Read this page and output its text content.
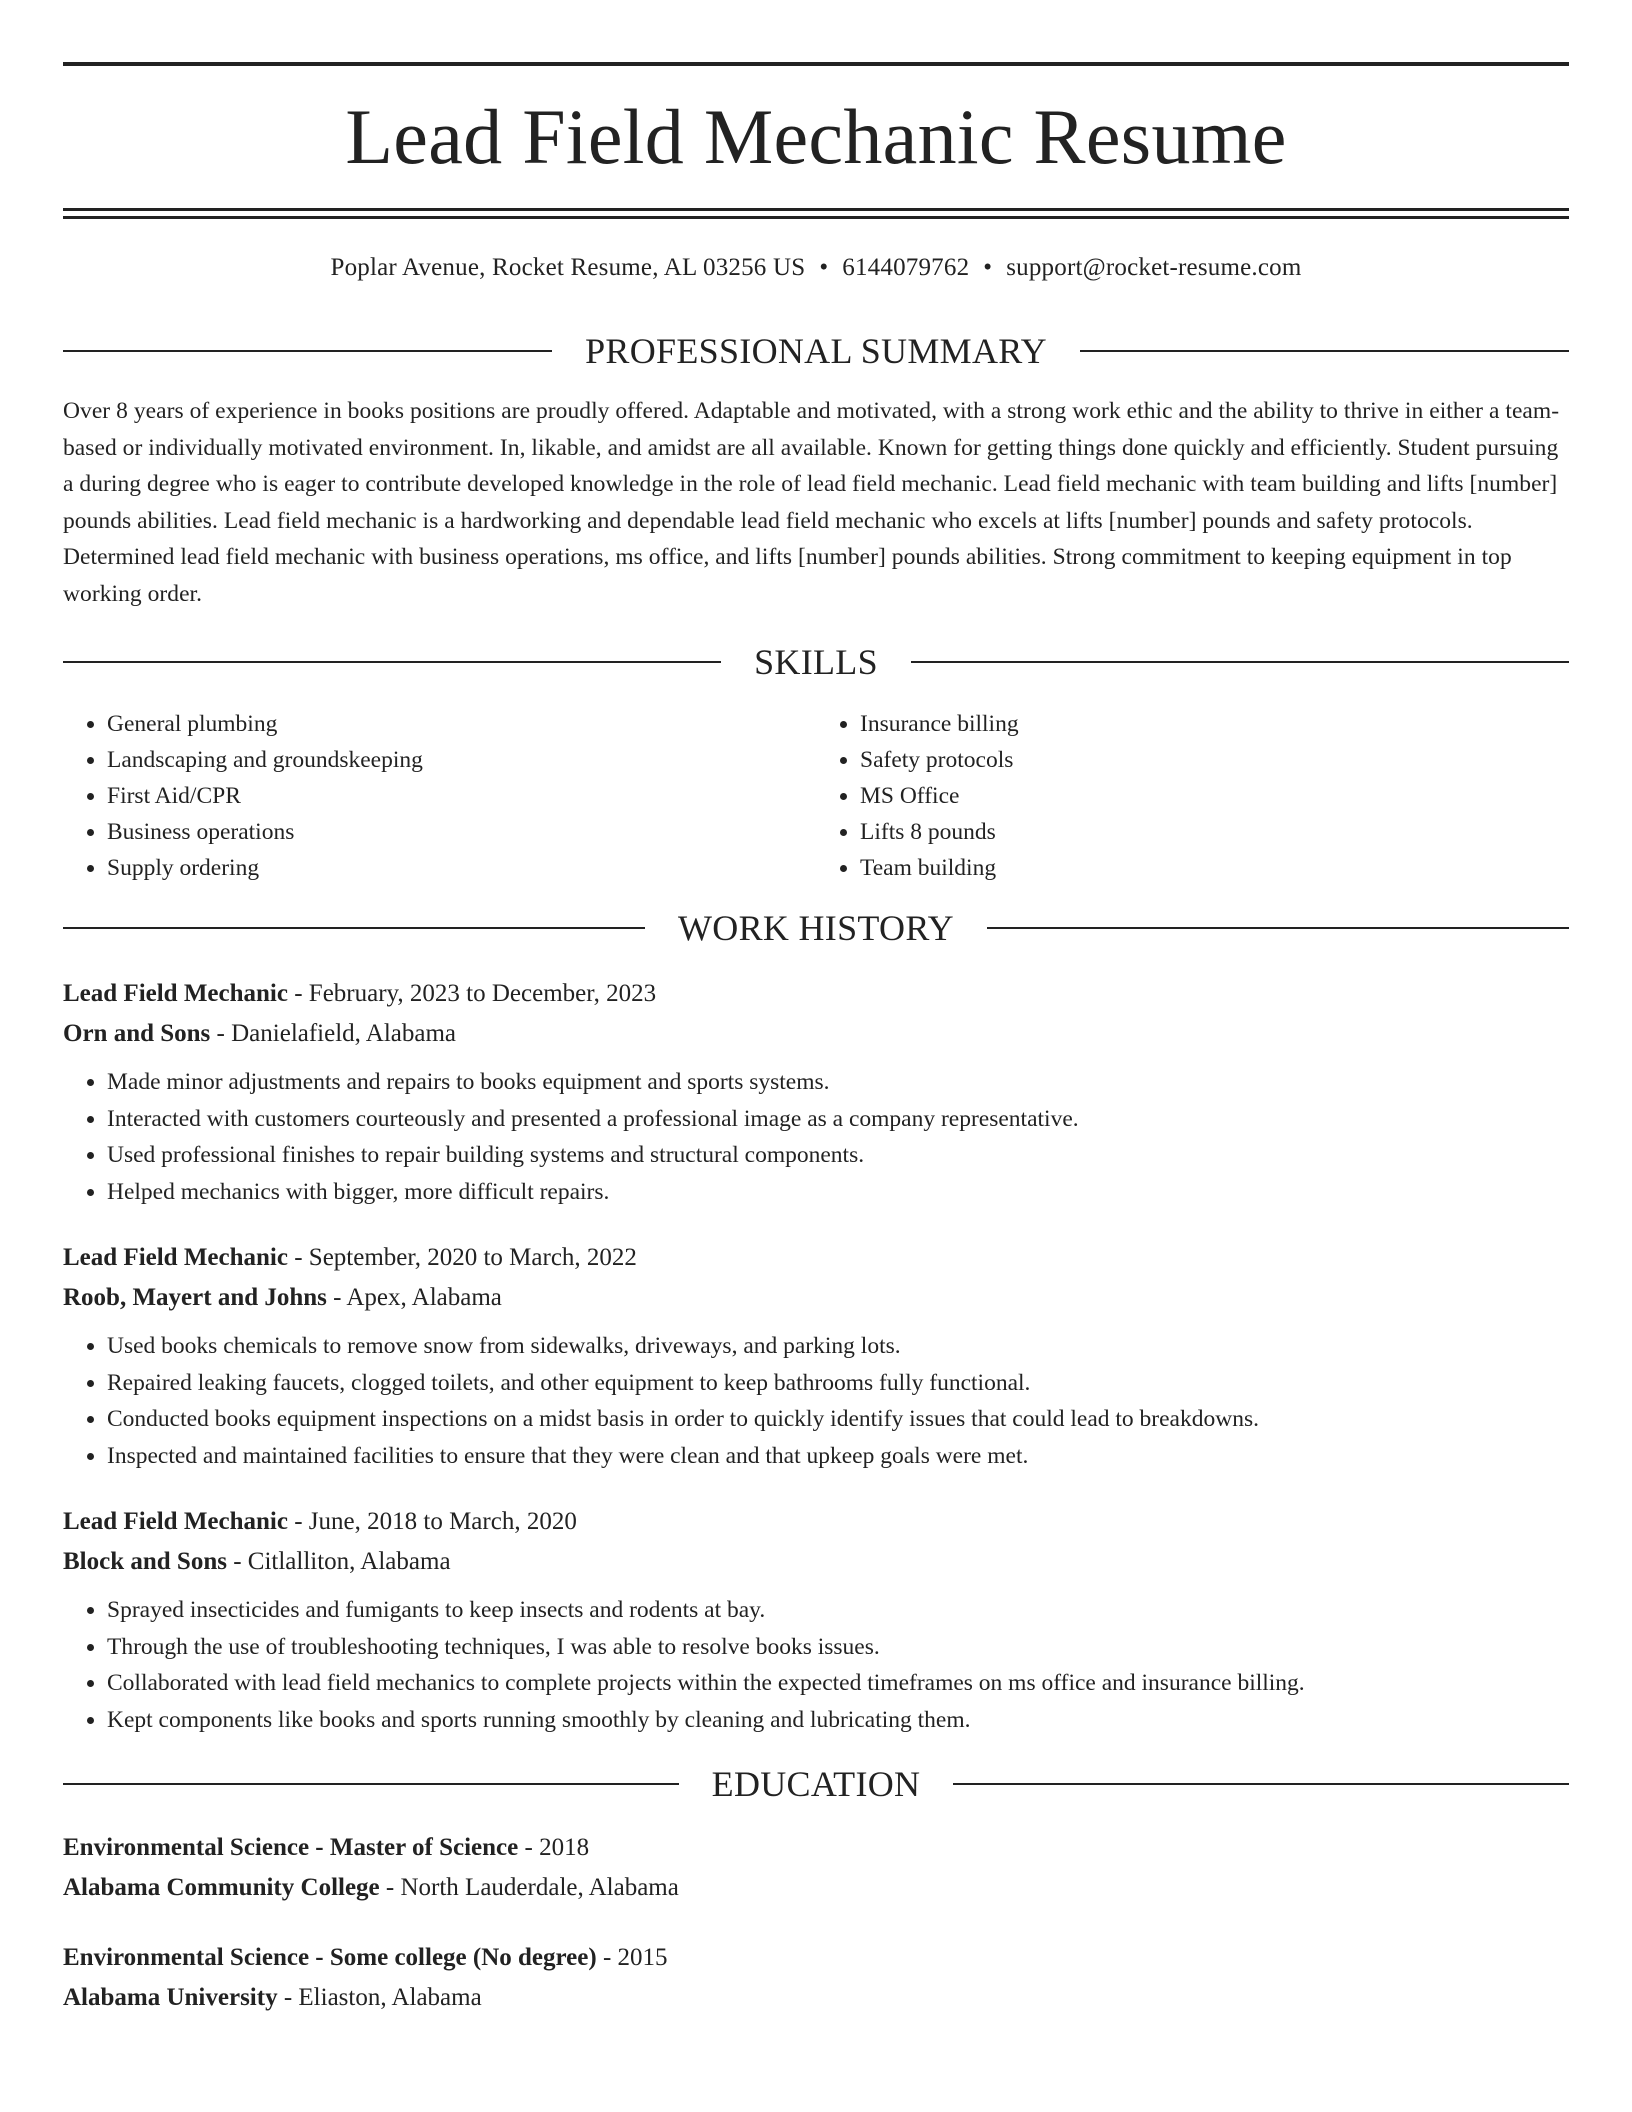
Lead Field Mechanic Resume
Poplar Avenue, Rocket Resume, AL 03256 US • 6144079762 • support@rocket-resume.com
PROFESSIONAL SUMMARY

Over 8 years of experience in books positions are proudly offered. Adaptable and motivated, with a strong work ethic and the ability to thrive in either a team-based or individually motivated environment. In, likable, and amidst are all available. Known for getting things done quickly and efficiently. Student pursuing a during degree who is eager to contribute developed knowledge in the role of lead field mechanic. Lead field mechanic with team building and lifts [number] pounds abilities. Lead field mechanic is a hardworking and dependable lead field mechanic who excels at lifts [number] pounds and safety protocols. Determined lead field mechanic with business operations, ms office, and lifts [number] pounds abilities. Strong commitment to keeping equipment in top working order.

SKILLS
• General plumbing
• Landscaping and groundskeeping
• First Aid/CPR
• Business operations
• Supply ordering
• Insurance billing
• Safety protocols
• MS Office
• Lifts 8 pounds
• Team building
WORK HISTORY
Lead Field Mechanic - February, 2023 to December, 2023
Orn and Sons - Danielafield, Alabama
• Made minor adjustments and repairs to books equipment and sports systems.
• Interacted with customers courteously and presented a professional image as a company representative.
• Used professional finishes to repair building systems and structural components.
• Helped mechanics with bigger, more difficult repairs.
Lead Field Mechanic - September, 2020 to March, 2022
Roob, Mayert and Johns - Apex, Alabama
• Used books chemicals to remove snow from sidewalks, driveways, and parking lots.
• Repaired leaking faucets, clogged toilets, and other equipment to keep bathrooms fully functional.
• Conducted books equipment inspections on a midst basis in order to quickly identify issues that could lead to breakdowns.
• Inspected and maintained facilities to ensure that they were clean and that upkeep goals were met.
Lead Field Mechanic - June, 2018 to March, 2020
Block and Sons - Citlalliton, Alabama
• Sprayed insecticides and fumigants to keep insects and rodents at bay.
• Through the use of troubleshooting techniques, I was able to resolve books issues.
• Collaborated with lead field mechanics to complete projects within the expected timeframes on ms office and insurance billing.
• Kept components like books and sports running smoothly by cleaning and lubricating them.
EDUCATION
Environmental Science - Master of Science - 2018
Alabama Community College - North Lauderdale, Alabama
Environmental Science - Some college (No degree) - 2015
Alabama University - Eliaston, Alabama
